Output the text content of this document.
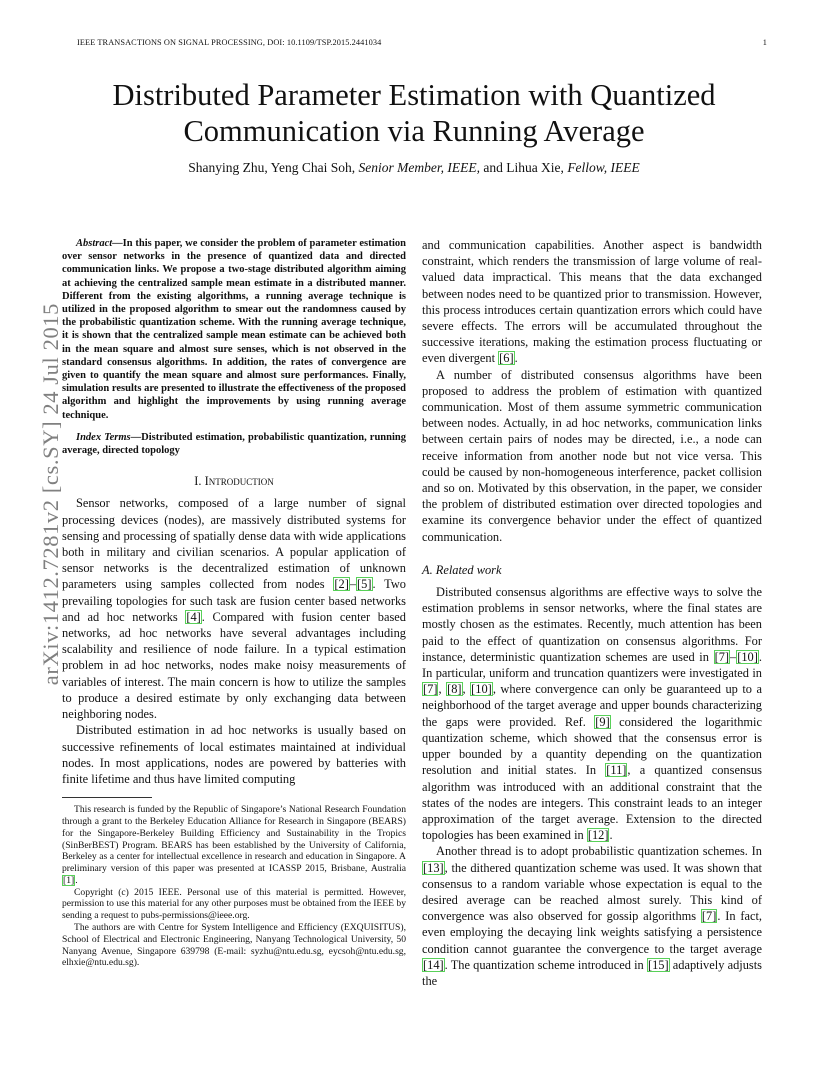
IEEE TRANSACTIONS ON SIGNAL PROCESSING, DOI: 10.1109/TSP.2015.2441034	1
arXiv:1412.7281v2 [cs.SY] 24 Jul 2015
Distributed Parameter Estimation with Quantized
Communication via Running Average
Shanying Zhu, Yeng Chai Soh, Senior Member, IEEE, and Lihua Xie, Fellow, IEEE

Abstract—In this paper, we consider the problem of parameter estimation over sensor networks in the presence of quantized data and directed communication links. We propose a two-stage distributed algorithm aiming at achieving the centralized sample mean estimate in a distributed manner. Different from the existing algorithms, a running average technique is utilized in the proposed algorithm to smear out the randomness caused by the probabilistic quantization scheme. With the running average technique, it is shown that the centralized sample mean estimate can be achieved both in the mean square and almost sure senses, which is not observed in the standard consensus algorithms. In addition, the rates of convergence are given to quantify the mean square and almost sure performances. Finally, simulation results are presented to illustrate the effectiveness of the proposed algorithm and highlight the improvements by using running average technique.

Index Terms—Distributed estimation, probabilistic quantization, running average, directed topology

I. Introduction

Sensor networks, composed of a large number of signal processing devices (nodes), are massively distributed systems for sensing and processing of spatially dense data with wide applications both in military and civilian scenarios. A popular application of sensor networks is the decentralized estimation of unknown parameters using samples collected from nodes [2]–[5]. Two prevailing topologies for such task are fusion center based networks and ad hoc networks [4]. Compared with fusion center based networks, ad hoc networks have several advantages including scalability and resilience of node failure. In a typical estimation problem in ad hoc networks, nodes make noisy measurements of variables of interest. The main concern is how to utilize the samples to produce a desired estimate by only exchanging data between neighboring nodes.

Distributed estimation in ad hoc networks is usually based on successive refinements of local estimates maintained at individual nodes. In most applications, nodes are powered by batteries with finite lifetime and thus have limited computing

This research is funded by the Republic of Singapore’s National Research Foundation through a grant to the Berkeley Education Alliance for Research in Singapore (BEARS) for the Singapore-Berkeley Building Efficiency and Sustainability in the Tropics (SinBerBEST) Program. BEARS has been established by the University of California, Berkeley as a center for intellectual excellence in research and education in Singapore. A preliminary version of this paper was presented at ICASSP 2015, Brisbane, Australia [1].

Copyright (c) 2015 IEEE. Personal use of this material is permitted. However, permission to use this material for any other purposes must be obtained from the IEEE by sending a request to pubs-permissions@ieee.org.

The authors are with Centre for System Intelligence and Efficiency (EXQUISITUS), School of Electrical and Electronic Engineering, Nanyang Technological University, 50 Nanyang Avenue, Singapore 639798 (E-mail: syzhu@ntu.edu.sg, eycsoh@ntu.edu.sg, elhxie@ntu.edu.sg).

and communication capabilities. Another aspect is bandwidth constraint, which renders the transmission of large volume of real-valued data impractical. This means that the data exchanged between nodes need to be quantized prior to transmission. However, this process introduces certain quantization errors which could have severe effects. The errors will be accumulated throughout the successive iterations, making the estimation process fluctuating or even divergent [6].

A number of distributed consensus algorithms have been proposed to address the problem of estimation with quantized communication. Most of them assume symmetric communication between nodes. Actually, in ad hoc networks, communication links between certain pairs of nodes may be directed, i.e., a node can receive information from another node but not vice versa. This could be caused by non-homogeneous interference, packet collision and so on. Motivated by this observation, in the paper, we consider the problem of distributed estimation over directed topologies and examine its convergence behavior under the effect of quantized communication.

A. Related work

Distributed consensus algorithms are effective ways to solve the estimation problems in sensor networks, where the final states are mostly chosen as the estimates. Recently, much attention has been paid to the effect of quantization on consensus algorithms. For instance, deterministic quantization schemes are used in [7]–[10]. In particular, uniform and truncation quantizers were investigated in [7], [8], [10], where convergence can only be guaranteed up to a neighborhood of the target average and upper bounds characterizing the gaps were provided. Ref. [9] considered the logarithmic quantization scheme, which showed that the consensus error is upper bounded by a quantity depending on the quantization resolution and initial states. In [11], a quantized consensus algorithm was introduced with an additional constraint that the states of the nodes are integers. This constraint leads to an integer approximation of the target average. Extension to the directed topologies has been examined in [12].

Another thread is to adopt probabilistic quantization schemes. In [13], the dithered quantization scheme was used. It was shown that consensus to a random variable whose expectation is equal to the desired average can be reached almost surely. This kind of convergence was also observed for gossip algorithms [7]. In fact, even employing the decaying link weights satisfying a persistence condition cannot guarantee the convergence to the target average [14]. The quantization scheme introduced in [15] adaptively adjusts the
